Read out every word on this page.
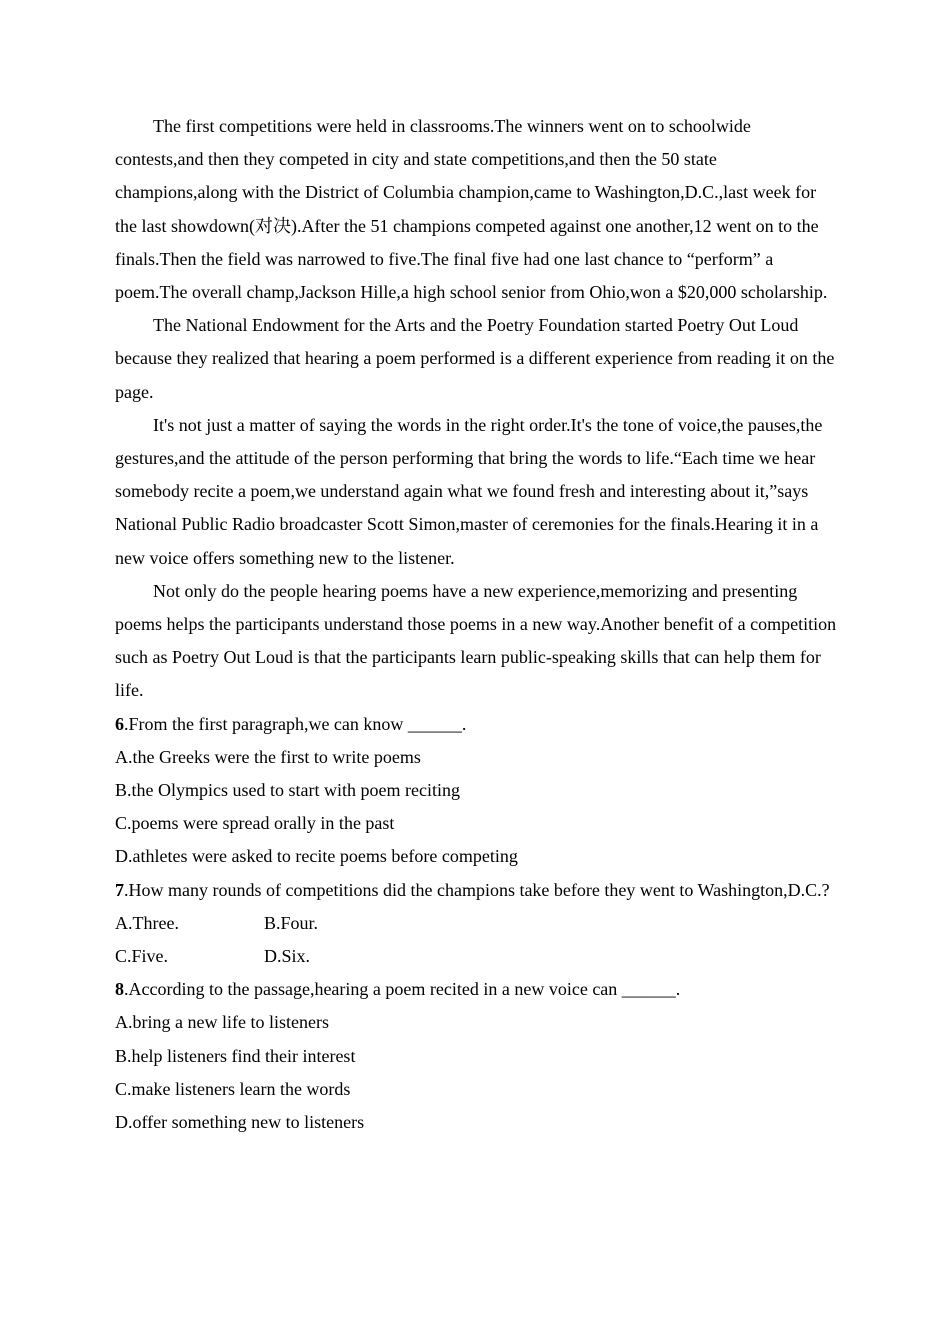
The first competitions were held in classrooms.The winners went on to schoolwide contests,and then they competed in city and state competitions,and then the 50 state champions,along with the District of Columbia champion,came to Washington,D.C.,last week for the last showdown(对决).After the 51 champions competed against one another,12 went on to the finals.Then the field was narrowed to five.The final five had one last chance to “perform” a poem.The overall champ,Jackson Hille,a high school senior from Ohio,won a $20,000 scholarship.

The National Endowment for the Arts and the Poetry Foundation started Poetry Out Loud because they realized that hearing a poem performed is a different experience from reading it on the page.

It's not just a matter of saying the words in the right order.It's the tone of voice,the pauses,the gestures,and the attitude of the person performing that bring the words to life.“Each time we hear somebody recite a poem,we understand again what we found fresh and interesting about it,”says National Public Radio broadcaster Scott Simon,master of ceremonies for the finals.Hearing it in a new voice offers something new to the listener.

Not only do the people hearing poems have a new experience,memorizing and presenting poems helps the participants understand those poems in a new way.Another benefit of a competition such as Poetry Out Loud is that the participants learn public-speaking skills that can help them for life.

6.From the first paragraph,we can know ______.

A.the Greeks were the first to write poems

B.the Olympics used to start with poem reciting

C.poems were spread orally in the past

D.athletes were asked to recite poems before competing

7.How many rounds of competitions did the champions take before they went to Washington,D.C.?

A.Three.	B.Four.
C.Five.	D.Six.

8.According to the passage,hearing a poem recited in a new voice can ______.

A.bring a new life to listeners

B.help listeners find their interest

C.make listeners learn the words

D.offer something new to listeners
